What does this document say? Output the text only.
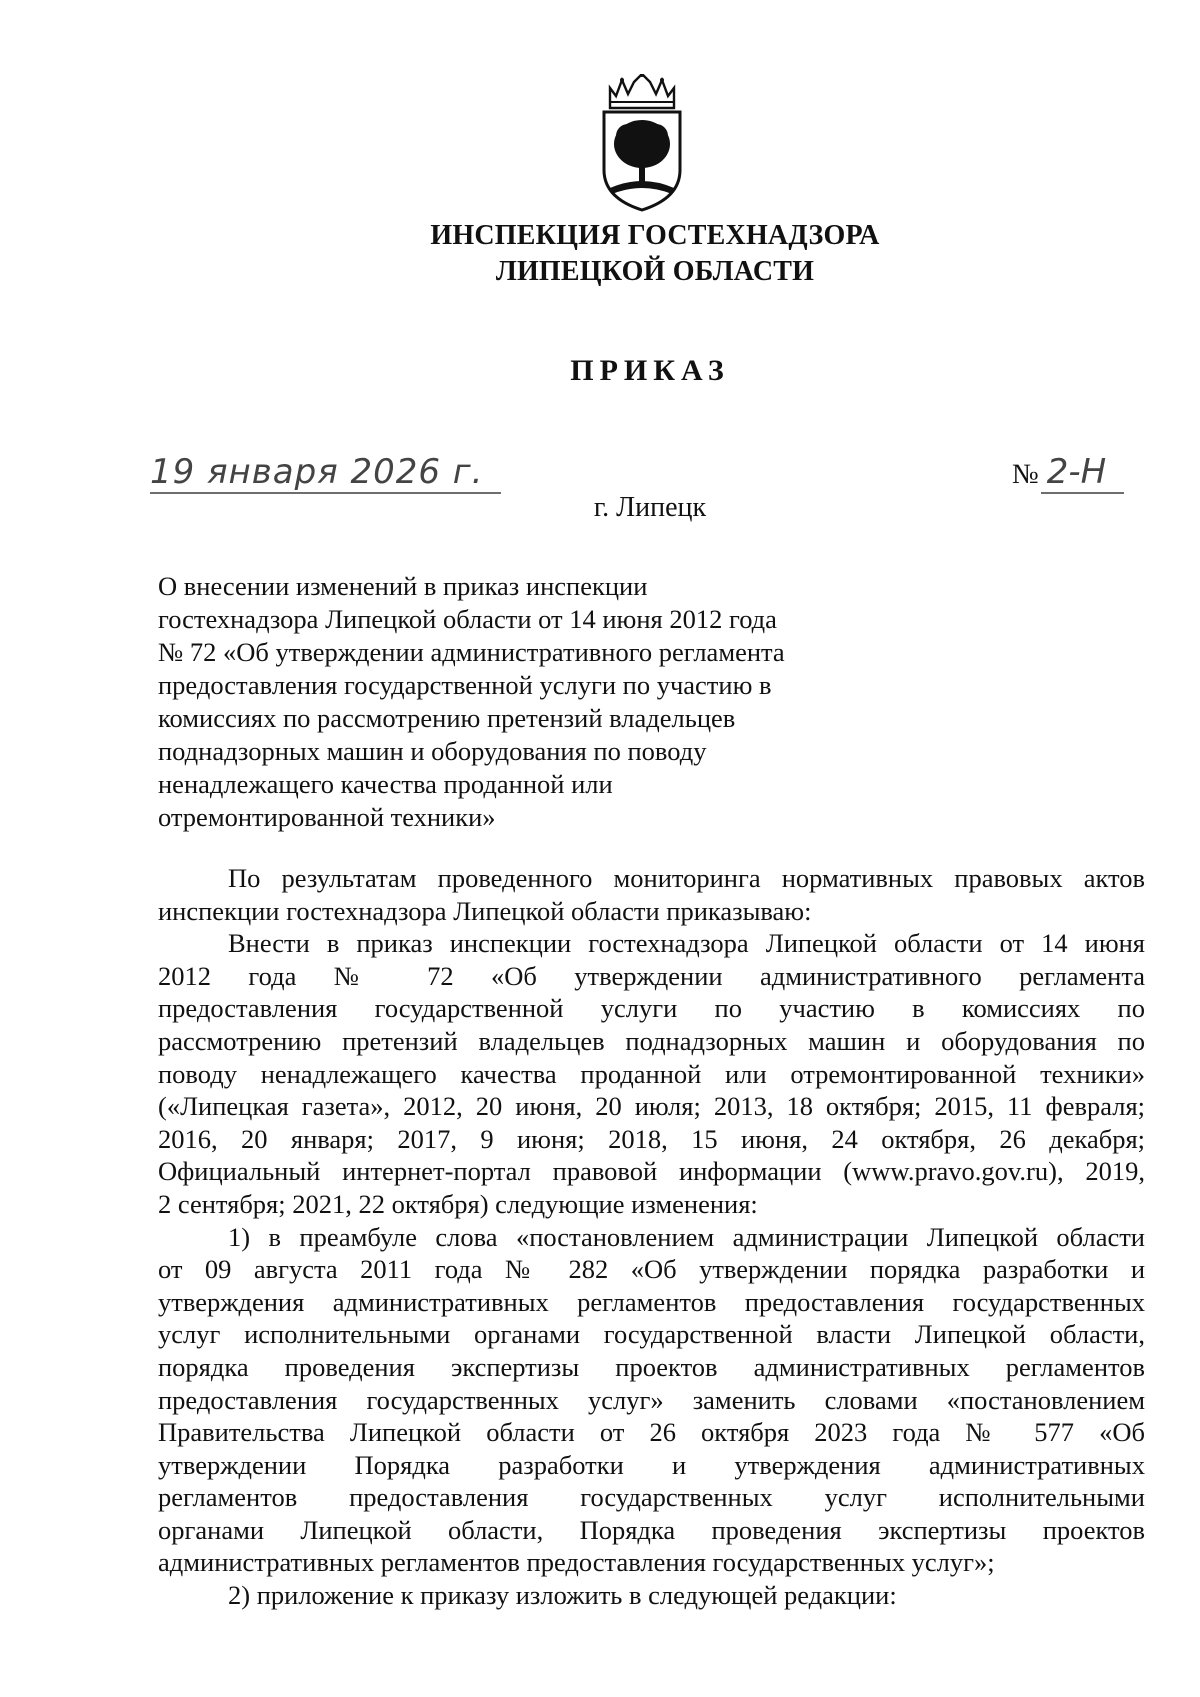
ИНСПЕКЦИЯ ГОСТЕХНАДЗОРА
ЛИПЕЦКОЙ ОБЛАСТИ
ПРИКАЗ
19 января 2026 г.	№ 2-Н
г. Липецк
О внесении изменений в приказ инспекции
гостехнадзора Липецкой области от 14 июня 2012 года
№ 72 «Об утверждении административного регламента
предоставления государственной услуги по участию в
комиссиях по рассмотрению претензий владельцев
поднадзорных машин и оборудования по поводу
ненадлежащего качества проданной или
отремонтированной техники»
По результатам проведенного мониторинга нормативных правовых актов
инспекции гостехнадзора Липецкой области приказываю:
Внести в приказ инспекции гостехнадзора Липецкой области от 14 июня
2012 года № 72 «Об утверждении административного регламента
предоставления государственной услуги по участию в комиссиях по
рассмотрению претензий владельцев поднадзорных машин и оборудования по
поводу ненадлежащего качества проданной или отремонтированной техники»
(«Липецкая газета», 2012, 20 июня, 20 июля; 2013, 18 октября; 2015, 11 февраля;
2016, 20 января; 2017, 9 июня; 2018, 15 июня, 24 октября, 26 декабря;
Официальный интернет-портал правовой информации (www.pravo.gov.ru), 2019,
2 сентября; 2021, 22 октября) следующие изменения:
1) в преамбуле слова «постановлением администрации Липецкой области
от 09 августа 2011 года № 282 «Об утверждении порядка разработки и
утверждения административных регламентов предоставления государственных
услуг исполнительными органами государственной власти Липецкой области,
порядка проведения экспертизы проектов административных регламентов
предоставления государственных услуг» заменить словами «постановлением
Правительства Липецкой области от 26 октября 2023 года № 577 «Об
утверждении Порядка разработки и утверждения административных
регламентов предоставления государственных услуг исполнительными
органами Липецкой области, Порядка проведения экспертизы проектов
административных регламентов предоставления государственных услуг»;
2) приложение к приказу изложить в следующей редакции:
